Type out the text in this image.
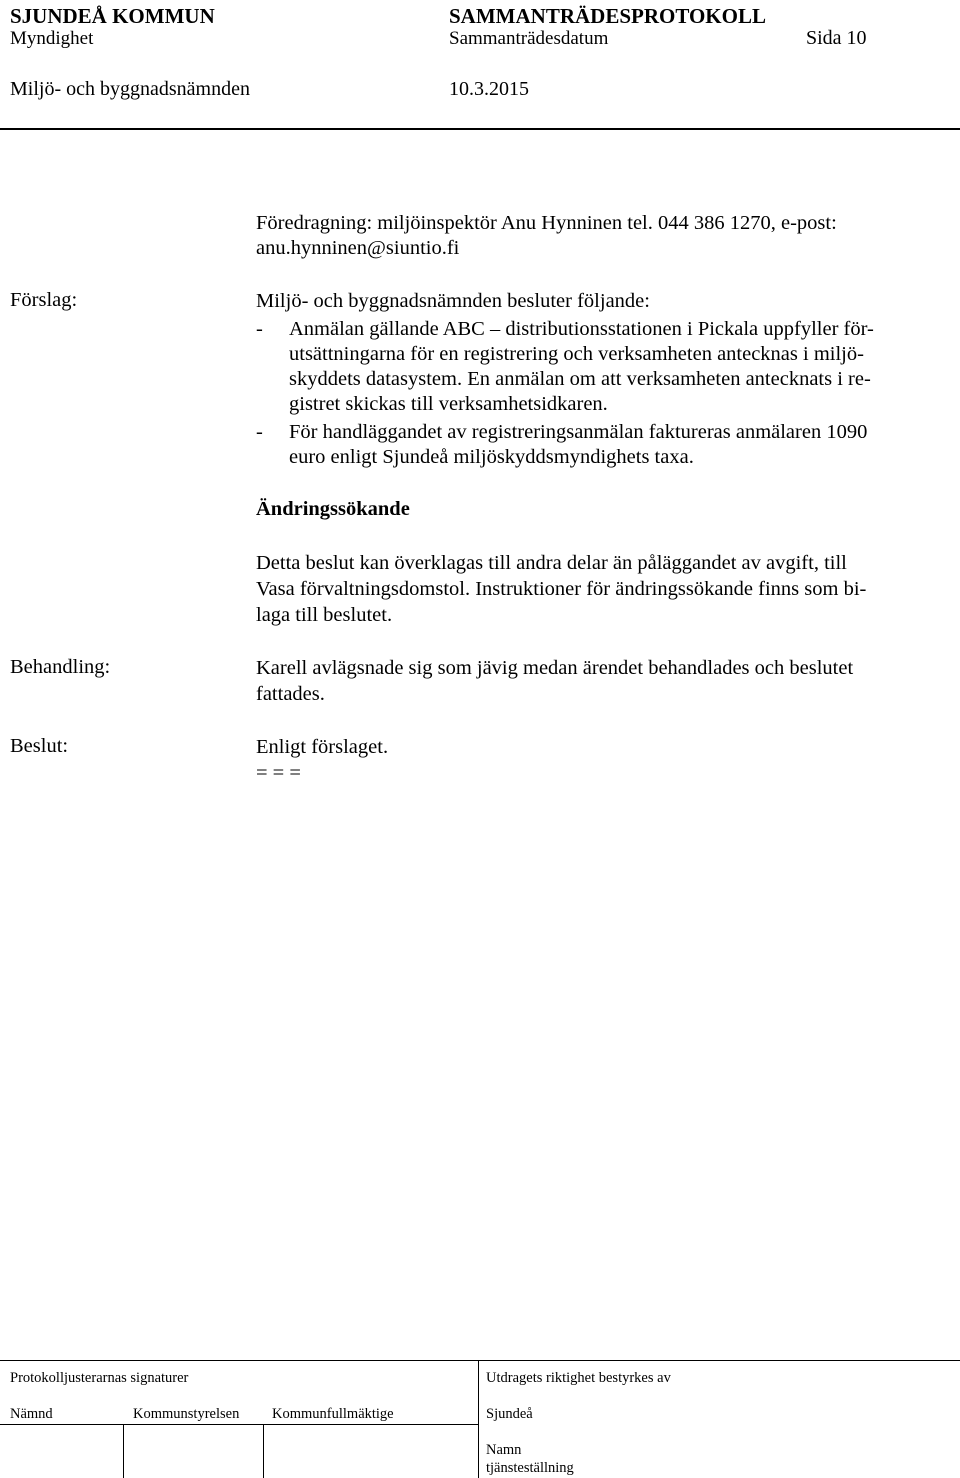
SJUNDEÅ KOMMUN	SAMMANTRÄDESPROTOKOLL
Myndighet	Sammanträdesdatum	Sida 10
Miljö- och byggnadsnämnden	10.3.2015
Föredragning: miljöinspektör Anu Hynninen tel. 044 386 1270, e-post:
anu.hynninen@siuntio.fi
Förslag:	Miljö- och byggnadsnämnden besluter följande:
- Anmälan gällande ABC – distributionsstationen i Pickala uppfyller för-
utsättningarna för en registrering och verksamheten antecknas i miljö-
skyddets datasystem. En anmälan om att verksamheten antecknats i re-
gistret skickas till verksamhetsidkaren.
- För handläggandet av registreringsanmälan faktureras anmälaren 1090
euro enligt Sjundeå miljöskyddsmyndighets taxa.
Ändringssökande
Detta beslut kan överklagas till andra delar än påläggandet av avgift, till
Vasa förvaltningsdomstol. Instruktioner för ändringssökande finns som bi-
laga till beslutet.
Behandling:	Karell avlägsnade sig som jävig medan ärendet behandlades och beslutet
fattades.
Beslut:	Enligt förslaget.
= = =
Protokolljusterarnas signaturer	Utdragets riktighet bestyrkes av
Nämnd	Kommunstyrelsen Kommunfullmäktige	Sjundeå
Namn
tjänsteställning
